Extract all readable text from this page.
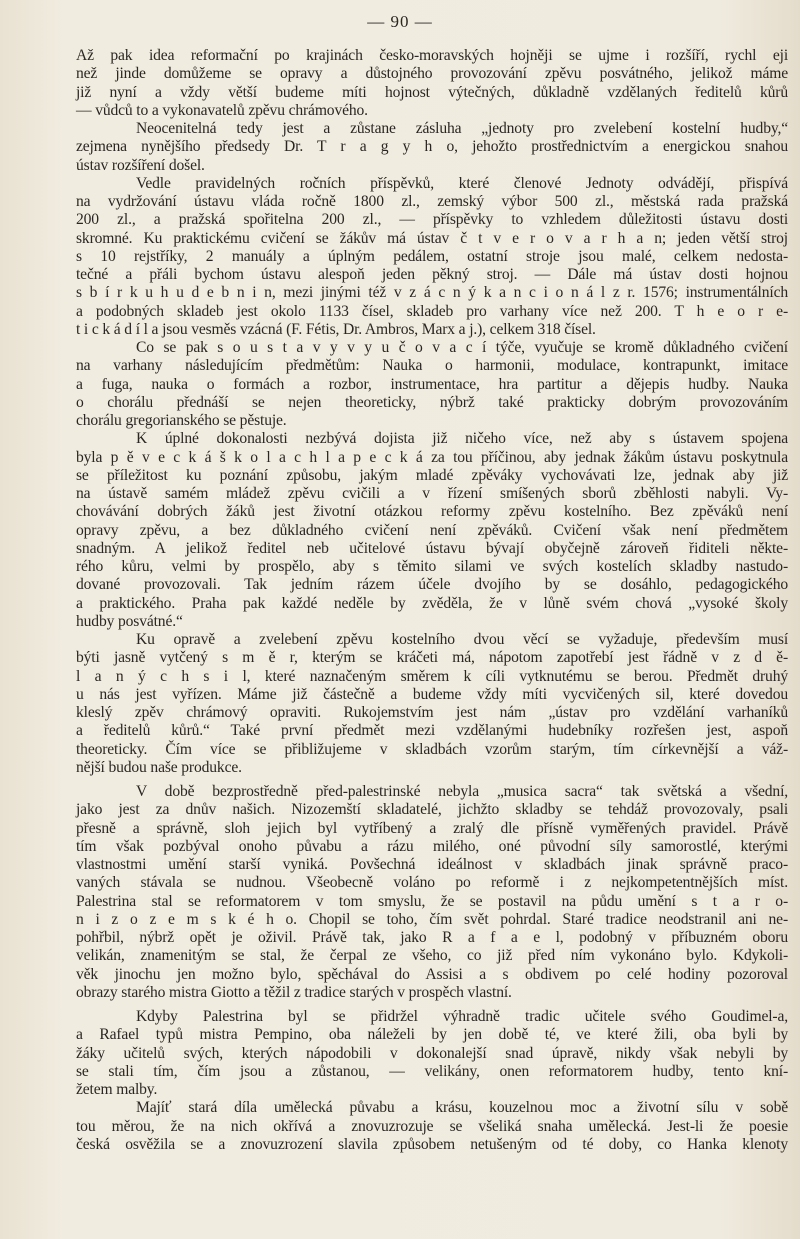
— 90 —
Až pak idea reformační po krajinách česko-moravských hojněji se ujme i rozšíří, rychl eji
než jinde domůžeme se opravy a důstojného provozování zpěvu posvátného, jelikož máme
již nyní a vždy větší budeme míti hojnost výtečných, důkladně vzdělaných ředitelů kůrů
— vůdců to a vykonavatelů zpěvu chrámového.
Neocenitelná tedy jest a zůstane zásluha „jednoty pro zvelebení kostelní hudby,“
zejmena nynějšího předsedy Dr. T r a g y h o, jehožto prostřednictvím a energickou snahou
ústav rozšíření došel.
Vedle pravidelných ročních příspěvků, které členové Jednoty odvádějí, přispívá
na vydržování ústavu vláda ročně 1800 zl., zemský výbor 500 zl., městská rada pražská
200 zl., a pražská spořitelna 200 zl., — příspěvky to vzhledem důležitosti ústavu dosti
skromné. Ku praktickému cvičení se žákův má ústav č t v e r o v a r h a n; jeden větší stroj
s 10 rejstříky, 2 manuály a úplným pedálem, ostatní stroje jsou malé, celkem nedosta-
tečné a přáli bychom ústavu alespoň jeden pěkný stroj. — Dále má ústav dosti hojnou
s b í r k u h u d e b n i n, mezi jinými též v z á c n ý k a n c i o n á l z r. 1576; instrumentálních
a podobných skladeb jest okolo 1133 čísel, skladeb pro varhany více než 200. T h e o r e-
t i c k á d í l a jsou vesměs vzácná (F. Fétis, Dr. Ambros, Marx a j.), celkem 318 čísel.
Co se pak s o u s t a v y v y u č o v a c í týče, vyučuje se kromě důkladného cvičení
na varhany následujícím předmětům: Nauka o harmonii, modulace, kontrapunkt, imitace
a fuga, nauka o formách a rozbor, instrumentace, hra partitur a dějepis hudby. Nauka
o chorálu přednáší se nejen theoreticky, nýbrž také prakticky dobrým provozováním
chorálu gregorianského se pěstuje.
K úplné dokonalosti nezbývá dojista již ničeho více, než aby s ústavem spojena
byla p ě v e c k á š k o l a c h l a p e c k á za tou příčinou, aby jednak žákům ústavu poskytnula
se příležitost ku poznání způsobu, jakým mladé zpěváky vychovávati lze, jednak aby již
na ústavě samém mládež zpěvu cvičili a v řízení smíšených sborů zběhlosti nabyli. Vy-
chovávání dobrých žáků jest životní otázkou reformy zpěvu kostelního. Bez zpěváků není
opravy zpěvu, a bez důkladného cvičení není zpěváků. Cvičení však není předmětem
snadným. A jelikož ředitel neb učitelové ústavu bývají obyčejně zároveň řiditeli někte-
rého kůru, velmi by prospělo, aby s těmito silami ve svých kostelích skladby nastudo-
dované provozovali. Tak jedním rázem účele dvojího by se dosáhlo, pedagogického
a praktického. Praha pak každé neděle by zvěděla, že v lůně svém chová „vysoké školy
hudby posvátné.“
Ku opravě a zvelebení zpěvu kostelního dvou věcí se vyžaduje, především musí
býti jasně vytčený s m ě r, kterým se kráčeti má, nápotom zapotřebí jest řádně v z d ě-
l a n ý c h s i l, které naznačeným směrem k cíli vytknutému se berou. Předmět druhý
u nás jest vyřízen. Máme již částečně a budeme vždy míti vycvičených sil, které dovedou
kleslý zpěv chrámový opraviti. Rukojemstvím jest nám „ústav pro vzdělání varhaníků
a ředitelů kůrů.“ Také první předmět mezi vzdělanými hudebníky rozřešen jest, aspoň
theoreticky. Čím více se přibližujeme v skladbách vzorům starým, tím církevnější a váž-
nější budou naše produkce.
V době bezprostředně před-palestrinské nebyla „musica sacra“ tak světská a všední,
jako jest za dnův našich. Nizozemští skladatelé, jichžto skladby se tehdáž provozovaly, psali
přesně a správně, sloh jejich byl vytříbený a zralý dle přísně vyměřených pravidel. Právě
tím však pozbýval onoho půvabu a rázu milého, oné původní síly samorostlé, kterými
vlastnostmi umění starší vyniká. Povšechná ideálnost v skladbách jinak správně praco-
vaných stávala se nudnou. Všeobecně voláno po reformě i z nejkompetentnějších míst.
Palestrina stal se reformatorem v tom smyslu, že se postavil na půdu umění s t a r o-
n i z o z e m s k é h o. Chopil se toho, čím svět pohrdal. Staré tradice neodstranil ani ne-
pohřbil, nýbrž opět je oživil. Právě tak, jako R a f a e l, podobný v příbuzném oboru
velikán, znamenitým se stal, že čerpal ze všeho, co již před ním vykonáno bylo. Kdykoli-
věk jinochu jen možno bylo, spěchával do Assisi a s obdivem po celé hodiny pozoroval
obrazy starého mistra Giotto a těžil z tradice starých v prospěch vlastní.
Kdyby Palestrina byl se přidržel výhradně tradic učitele svého Goudimel-a,
a Rafael typů mistra Pempino, oba náleželi by jen době té, ve které žili, oba byli by
žáky učitelů svých, kterých nápodobili v dokonalejší snad úpravě, nikdy však nebyli by
se stali tím, čím jsou a zůstanou, — velikány, onen reformatorem hudby, tento kní-
žetem malby.
Majíť stará díla umělecká půvabu a krásu, kouzelnou moc a životní sílu v sobě
tou měrou, že na nich okřívá a znovuzrozuje se všeliká snaha umělecká. Jest-li že poesie
česká osvěžila se a znovuzrození slavila způsobem netušeným od té doby, co Hanka klenoty
